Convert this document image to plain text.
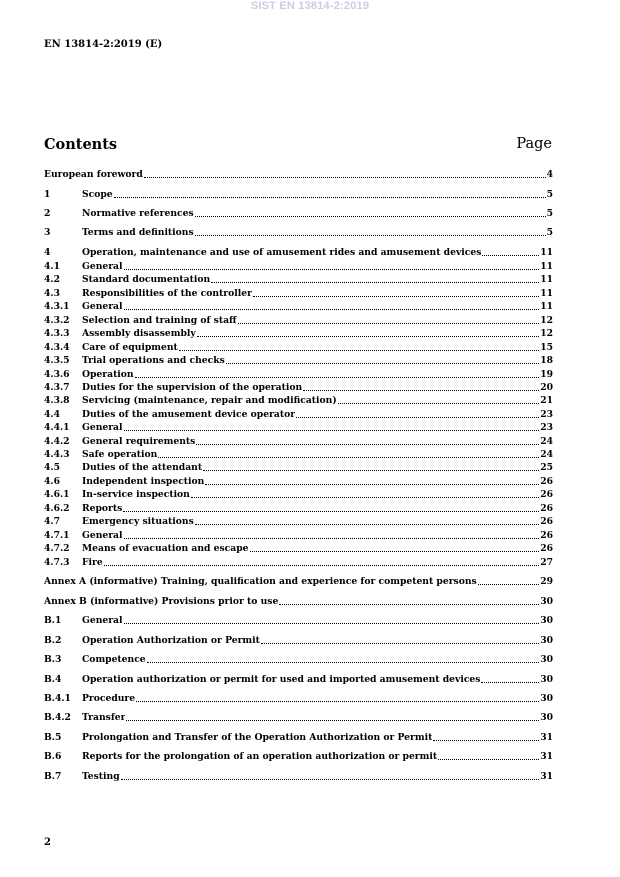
SIST EN 13814-2:2019
EN 13814-2:2019 (E)
Contents	Page
European foreword	4
1	Scope	5
2	Normative references	5
3	Terms and definitions	5
4	Operation, maintenance and use of amusement rides and amusement devices	11
4.1	General	11
4.2	Standard documentation	11
4.3	Responsibilities of the controller	11
4.3.1	General	11
4.3.2	Selection and training of staff	12
4.3.3	Assembly disassembly	12
4.3.4	Care of equipment	15
4.3.5	Trial operations and checks	18
4.3.6	Operation	19
4.3.7	Duties for the supervision of the operation	20
4.3.8	Servicing (maintenance, repair and modification)	21
4.4	Duties of the amusement device operator	23
4.4.1	General	23
4.4.2	General requirements	24
4.4.3	Safe operation	24
4.5	Duties of the attendant	25
4.6	Independent inspection	26
4.6.1	In-service inspection	26
4.6.2	Reports	26
4.7	Emergency situations	26
4.7.1	General	26
4.7.2	Means of evacuation and escape	26
4.7.3	Fire	27
Annex A (informative) Training, qualification and experience for competent persons	29
Annex B (informative) Provisions prior to use	30
B.1	General	30
B.2	Operation Authorization or Permit	30
B.3	Competence	30
B.4	Operation authorization or permit for used and imported amusement devices	30
B.4.1	Procedure	30
B.4.2	Transfer	30
B.5	Prolongation and Transfer of the Operation Authorization or Permit	31
B.6	Reports for the prolongation of an operation authorization or permit	31
B.7	Testing	31
2
